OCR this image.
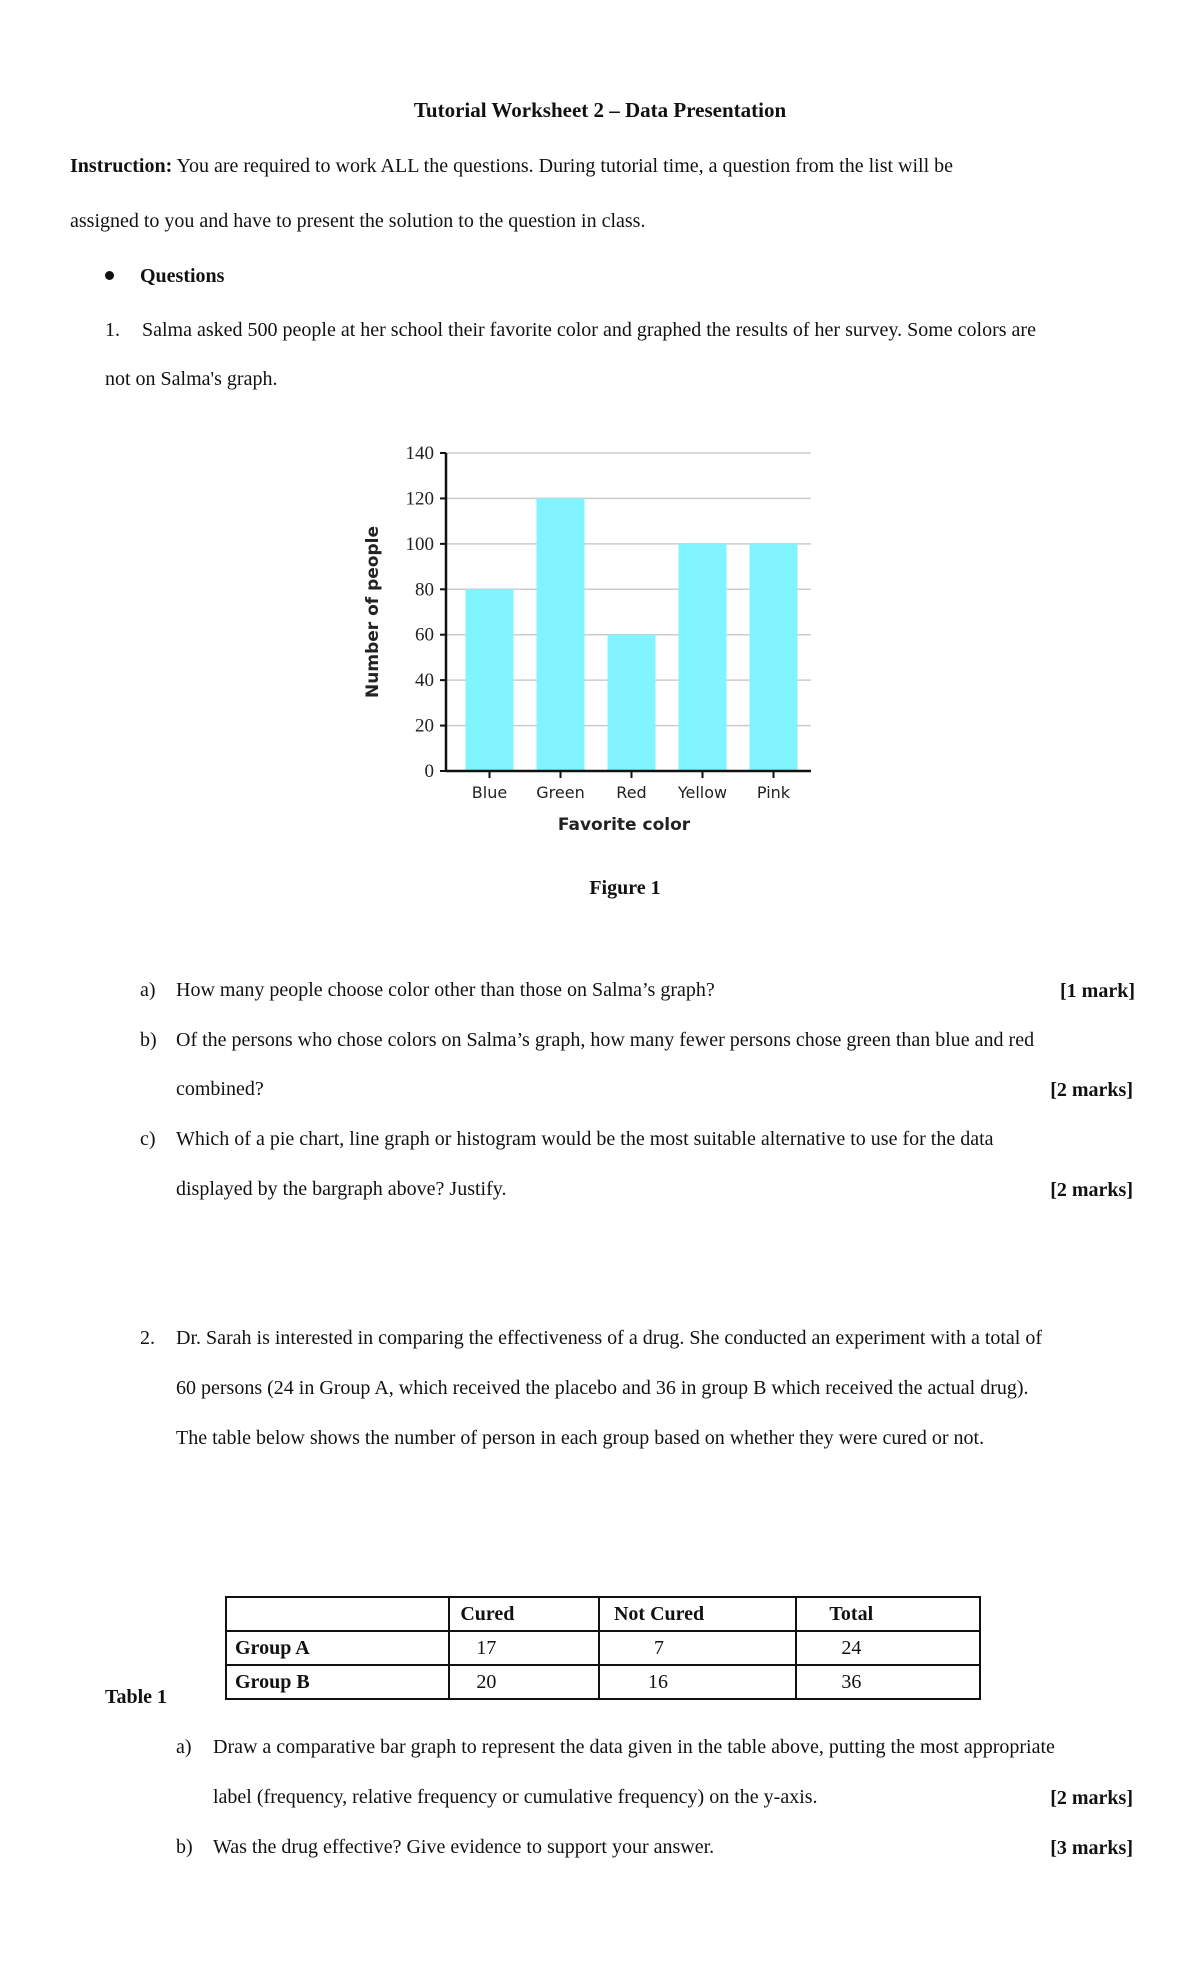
Tutorial Worksheet 2 – Data Presentation
Instruction: You are required to work ALL the questions. During tutorial time, a question from the list will be
assigned to you and have to present the solution to the question in class.
Questions
1. Salma asked 500 people at her school their favorite color and graphed the results of her survey. Some colors are
not on Salma's graph.
0
20
40
60
80
100
120
140
Blue Green Red Yellow Pink
Favorite color
Number of people
Figure 1
a) How many people choose color other than those on Salma’s graph?	[1 mark]
b) Of the persons who chose colors on Salma’s graph, how many fewer persons chose green than blue and red
combined?	[2 marks]
c) Which of a pie chart, line graph or histogram would be the most suitable alternative to use for the data
displayed by the bargraph above? Justify.	[2 marks]
2. Dr. Sarah is interested in comparing the effectiveness of a drug. She conducted an experiment with a total of
60 persons (24 in Group A, which received the placebo and 36 in group B which received the actual drug).
The table below shows the number of person in each group based on whether they were cured or not.
	Cured	Not Cured	Total
Group A	17	7	24
Group B	20	16	36
Table 1
a) Draw a comparative bar graph to represent the data given in the table above, putting the most appropriate
label (frequency, relative frequency or cumulative frequency) on the y-axis.	[2 marks]
b) Was the drug effective? Give evidence to support your answer.	[3 marks]
